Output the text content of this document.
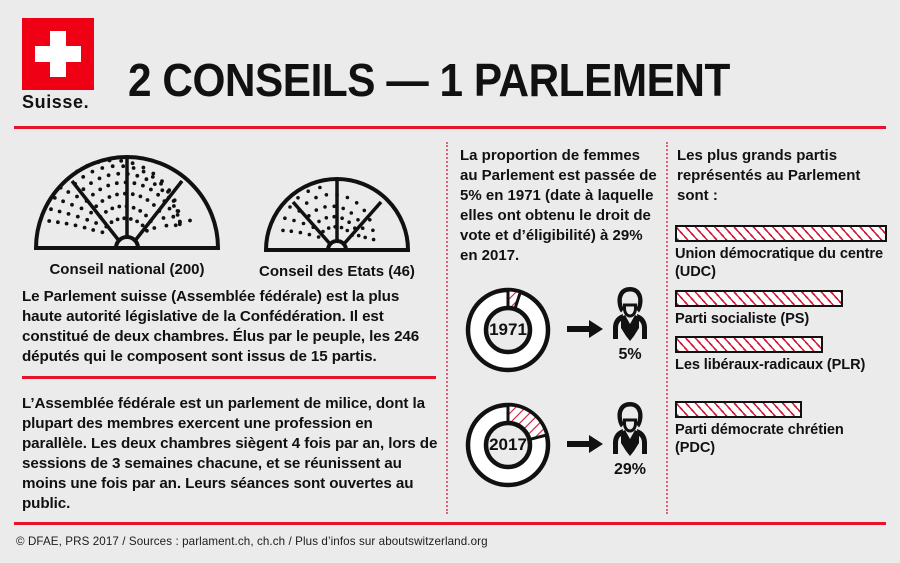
Suisse. 2 CONSEILS — 1 PARLEMENT
Conseil national (200)	Conseil des Etats (46)
Le Parlement suisse (Assemblée fédérale) est la plus haute autorité législative de la Confédération. Il est constitué de deux chambres. Élus par le peuple, les 246 députés qui le composent sont issus de 15 partis.
L’Assemblée fédérale est un parlement de milice, dont la plupart des membres exercent une profession en parallèle. Les deux chambres siègent 4 fois par an, lors de sessions de 3 semaines chacune, et se réunissent au moins une fois par an. Leurs séances sont ouvertes au public.
La proportion de femmes au Parlement est passée de 5% en 1971 (date à laquelle elles ont obtenu le droit de vote et d’éligibilité) à 29% en 2017.
1971
5%
2017
29%
Les plus grands partis représentés au Parlement sont :
Union démocratique du centre (UDC)
Parti socialiste (PS)
Les libéraux-radicaux (PLR)
Parti démocrate chrétien (PDC)
© DFAE, PRS 2017 / Sources : parlament.ch, ch.ch / Plus d’infos sur aboutswitzerland.org
